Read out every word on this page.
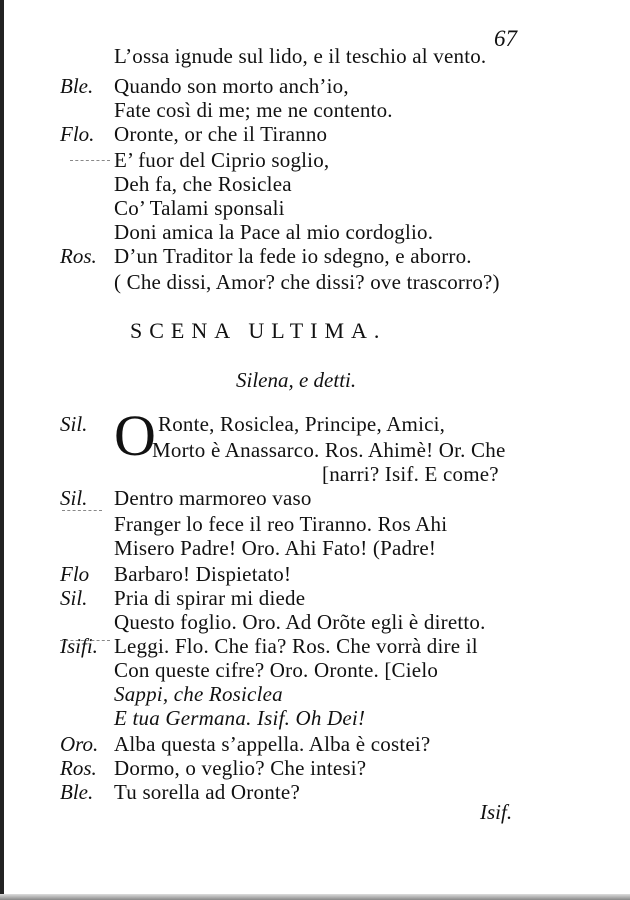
67
L’ossa ignude sul lido, e il teschio al vento.
Ble. Quando son morto anch’io,
Fate così di me; me ne contento.
Flo. Oronte, or che il Tiranno
E’ fuor del Ciprio soglio,
Deh fa, che Rosiclea
Co’ Talami sponsali
Doni amica la Pace al mio cordoglio.
Ros. D’un Traditor la fede io sdegno, e aborro.
( Che dissi, Amor? che dissi? ove trascorro?)
SCENA ULTIMA.
Silena, e detti.
Sil. O Ronte, Rosiclea, Principe, Amici,
Morto è Anassarco. Ros. Ahimè! Or. Che
[narri? Isif. E come?
Sil. Dentro marmoreo vaso
Franger lo fece il reo Tiranno. Ros Ahi
Misero Padre! Oro. Ahi Fato! (Padre!
Flo Barbaro! Dispietato!
Sil. Pria di spirar mi diede
Questo foglio. Oro. Ad Orõte egli è diretto.
Isifi. Leggi. Flo. Che fia? Ros. Che vorrà dire il
Con queste cifre? Oro. Oronte. [Cielo
Sappi, che Rosiclea
E tua Germana. Isif. Oh Dei!
Oro. Alba questa s’appella. Alba è costei?
Ros. Dormo, o veglio? Che intesi?
Ble. Tu sorella ad Oronte?
Isif.
